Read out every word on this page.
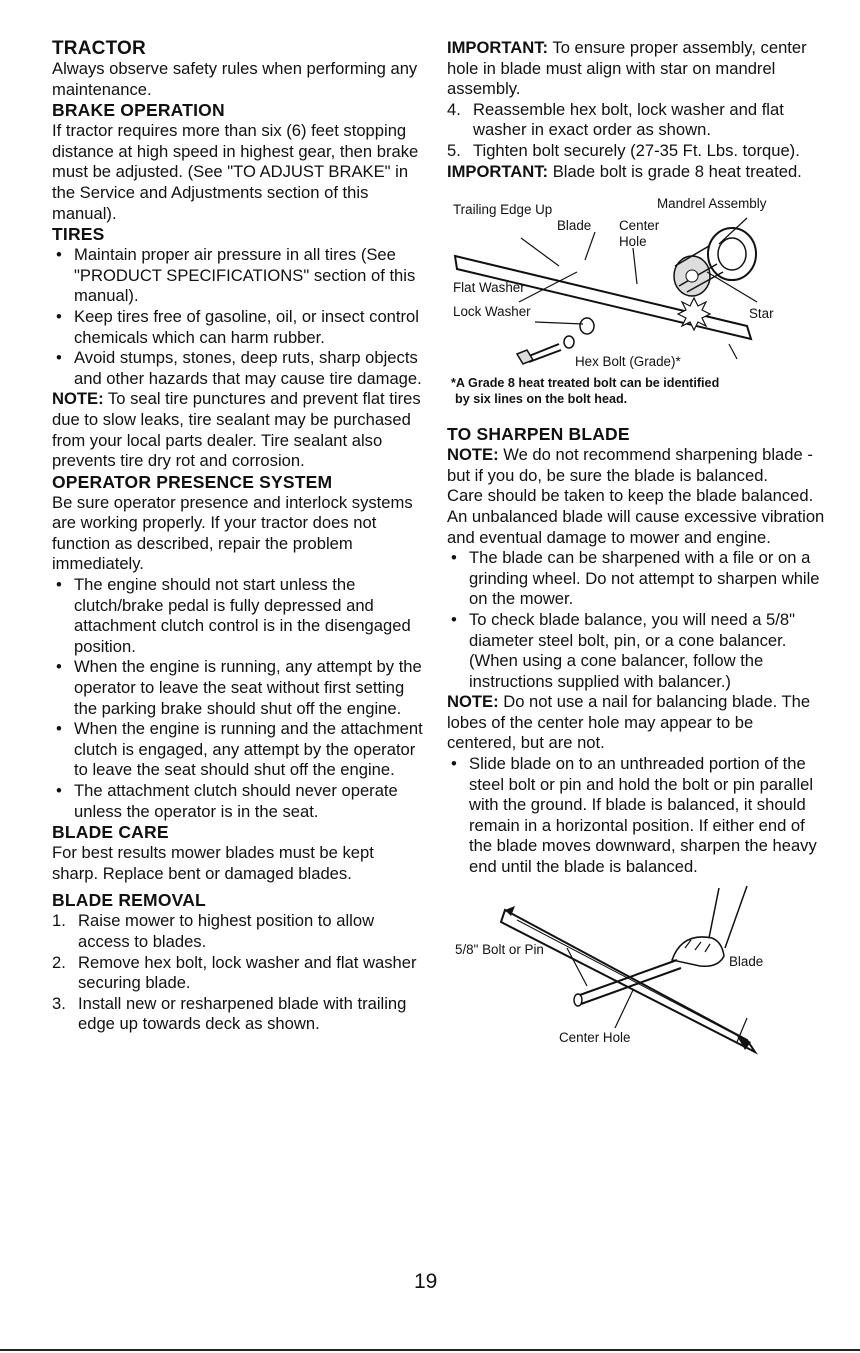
TRACTOR

Always observe safety rules when performing any maintenance.

BRAKE OPERATION

If tractor requires more than six (6) feet stopping distance at high speed in highest gear, then brake must be adjusted. (See "TO ADJUST BRAKE" in the Service and Adjustments section of this manual).

TIRES
• Maintain proper air pressure in all tires (See "PRODUCT SPECIFICATIONS" section of this manual).
• Keep tires free of gasoline, oil, or insect control chemicals which can harm rubber.
• Avoid stumps, stones, deep ruts, sharp objects and other hazards that may cause tire damage.

NOTE: To seal tire punctures and prevent flat tires due to slow leaks, tire sealant may be purchased from your local parts dealer. Tire sealant also prevents tire dry rot and corrosion.

OPERATOR PRESENCE SYSTEM

Be sure operator presence and interlock systems are working properly. If your tractor does not function as described, repair the problem immediately.

• The engine should not start unless the clutch/brake pedal is fully depressed and attachment clutch control is in the disengaged position.
• When the engine is running, any attempt by the operator to leave the seat without first setting the parking brake should shut off the engine.
• When the engine is running and the attachment clutch is engaged, any attempt by the operator to leave the seat should shut off the engine.
• The attachment clutch should never operate unless the operator is in the seat.
BLADE CARE

For best results mower blades must be kept sharp. Replace bent or damaged blades.

BLADE REMOVAL
1. Raise mower to highest position to allow access to blades.
2. Remove hex bolt, lock washer and flat washer securing blade.
3. Install new or resharpened blade with trailing edge up towards deck as shown.

IMPORTANT: To ensure proper assembly, center hole in blade must align with star on mandrel assembly.

4. Reassemble hex bolt, lock washer and flat washer in exact order as shown.
5. Tighten bolt securely (27-35 Ft. Lbs. torque).

IMPORTANT: Blade bolt is grade 8 heat treated.

Trailing Edge Up
Blade
Mandrel Assembly
Center
Hole
Flat Washer
Lock Washer	Star
Hex Bolt (Grade)*
*A Grade 8 heat treated bolt can be identified
by six lines on the bolt head.
TO SHARPEN BLADE

NOTE: We do not recommend sharpening blade - but if you do, be sure the blade is balanced.

Care should be taken to keep the blade balanced. An unbalanced blade will cause excessive vibration and eventual damage to mower and engine.

• The blade can be sharpened with a file or on a grinding wheel. Do not attempt to sharpen while on the mower.
• To check blade balance, you will need a 5/8" diameter steel bolt, pin, or a cone balancer. (When using a cone balancer, follow the instructions supplied with balancer.)

NOTE: Do not use a nail for balancing blade. The lobes of the center hole may appear to be centered, but are not.

• Slide blade on to an unthreaded portion of the steel bolt or pin and hold the bolt or pin parallel with the ground. If blade is balanced, it should remain in a horizontal position. If either end of the blade moves downward, sharpen the heavy end until the blade is balanced.
5/8" Bolt or Pin
Blade
Center Hole
19
